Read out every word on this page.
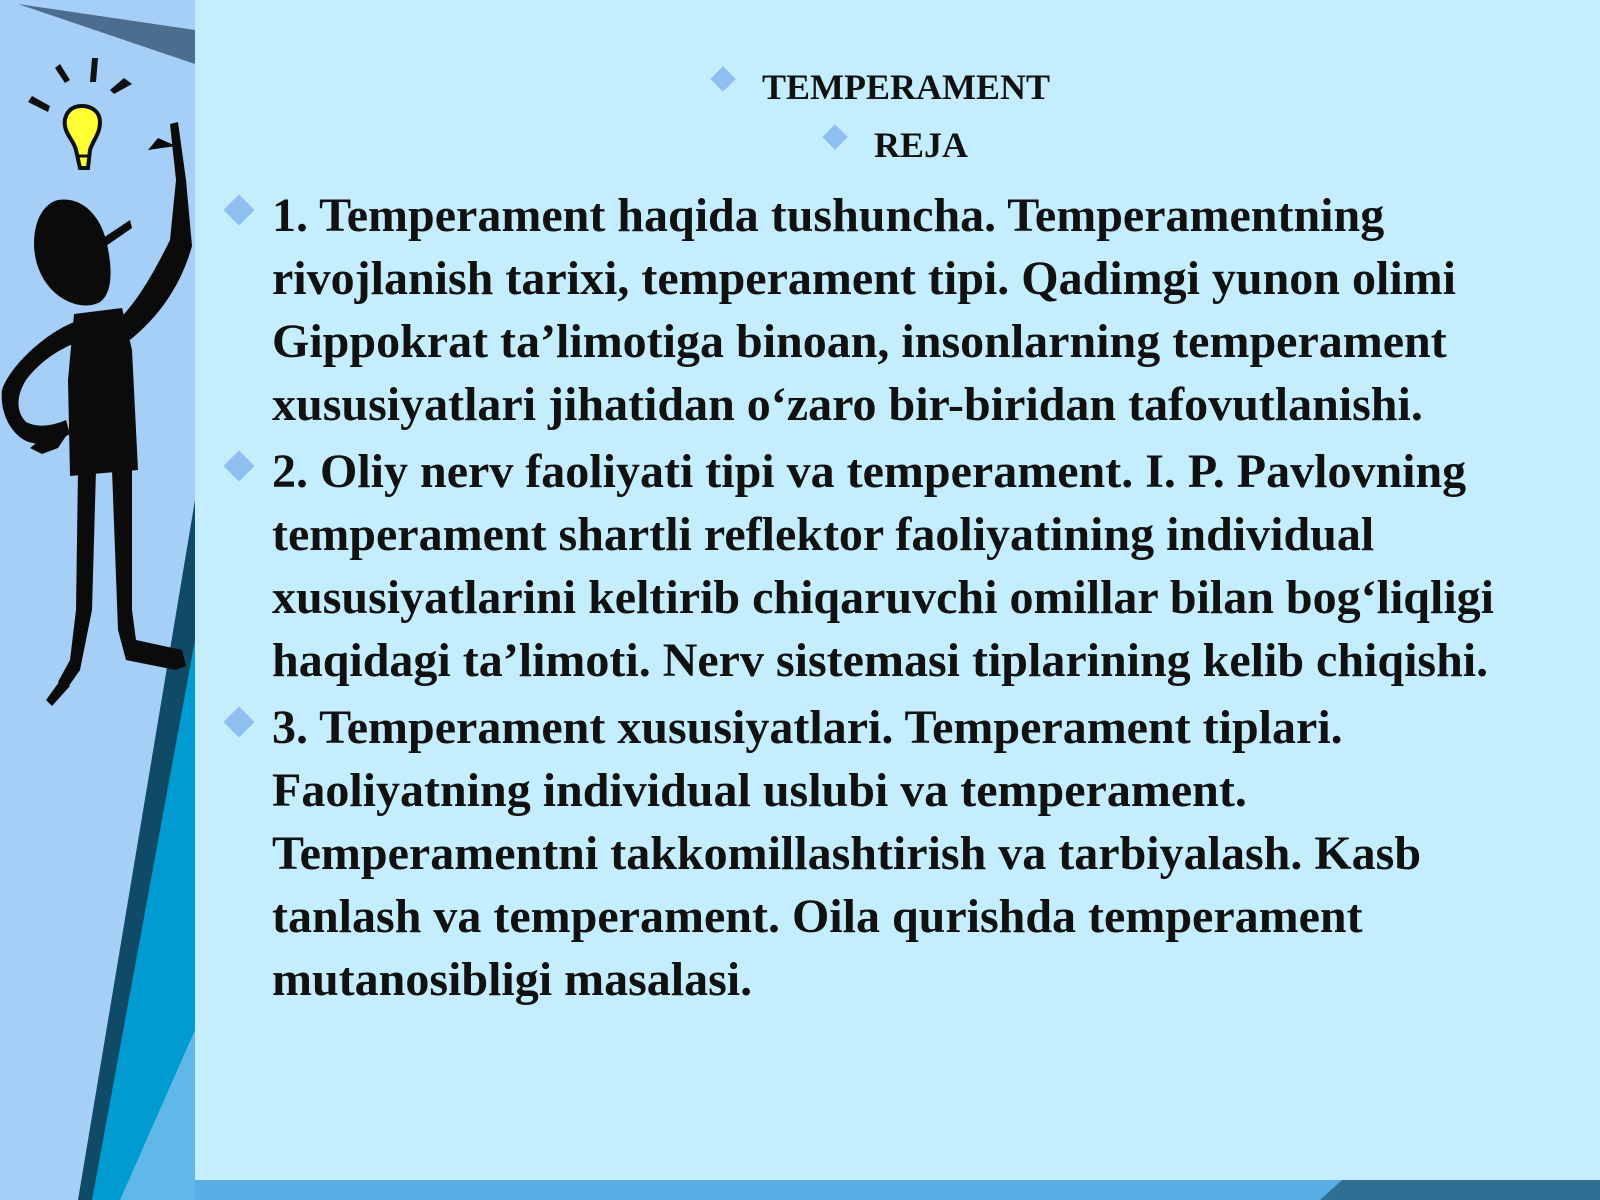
TEMPERAMENT
REJA
1. Temperament haqida tushuncha. Temperamentning rivojlanish tarixi, temperament tipi. Qadimgi yunon olimi Gippokrat ta’limotiga binoan, insonlarning temperament xususiyatlari jihatidan o‘zaro bir-biridan tafovutlanishi.
2. Oliy nerv faoliyati tipi va temperament. I. P. Pavlovning temperament shartli reflektor faoliyatining individual xususiyatlarini keltirib chiqaruvchi omillar bilan bog‘liqligi haqidagi ta’limoti. Nerv sistemasi tiplarining kelib chiqishi.
3. Temperament xususiyatlari. Temperament tiplari. Faoliyatning individual uslubi va temperament. Temperamentni takkomillashtirish va tarbiyalash. Kasb tanlash va temperament. Oila qurishda temperament mutanosibligi masalasi.
